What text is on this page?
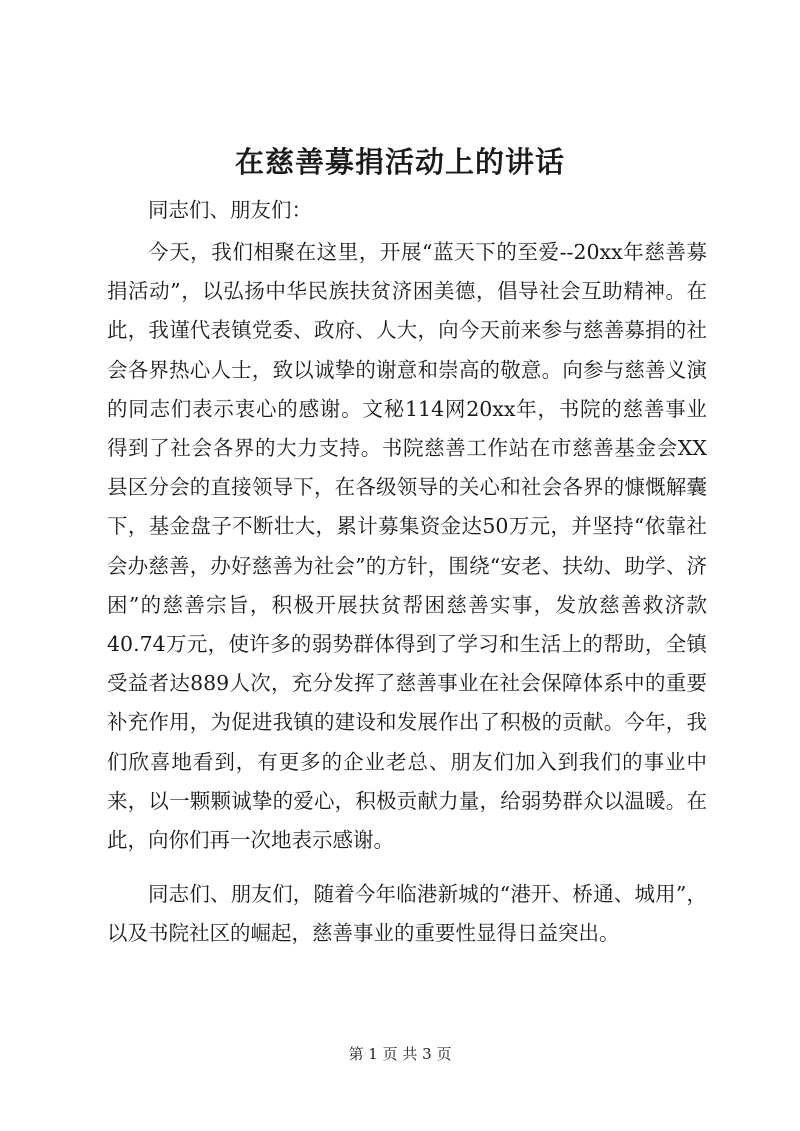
在慈善募捐活动上的讲话

同志们、朋友们：

今天，我们相聚在这里，开展“蓝天下的至爱--20xx年慈善募捐活动”，以弘扬中华民族扶贫济困美德，倡导社会互助精神。在此，我谨代表镇党委、政府、人大，向今天前来参与慈善募捐的社会各界热心人士，致以诚挚的谢意和崇高的敬意。向参与慈善义演的同志们表示衷心的感谢。文秘114网20xx年，书院的慈善事业得到了社会各界的大力支持。书院慈善工作站在市慈善基金会XX县区分会的直接领导下，在各级领导的关心和社会各界的慷慨解囊下，基金盘子不断壮大，累计募集资金达50万元，并坚持“依靠社会办慈善，办好慈善为社会”的方针，围绕“安老、扶幼、助学、济困”的慈善宗旨，积极开展扶贫帮困慈善实事，发放慈善救济款40.74万元，使许多的弱势群体得到了学习和生活上的帮助，全镇受益者达889人次，充分发挥了慈善事业在社会保障体系中的重要补充作用，为促进我镇的建设和发展作出了积极的贡献。今年，我们欣喜地看到，有更多的企业老总、朋友们加入到我们的事业中来，以一颗颗诚挚的爱心，积极贡献力量，给弱势群众以温暖。在此，向你们再一次地表示感谢。

同志们、朋友们，随着今年临港新城的“港开、桥通、城用”，以及书院社区的崛起，慈善事业的重要性显得日益突出。

第 1 页 共 3 页
